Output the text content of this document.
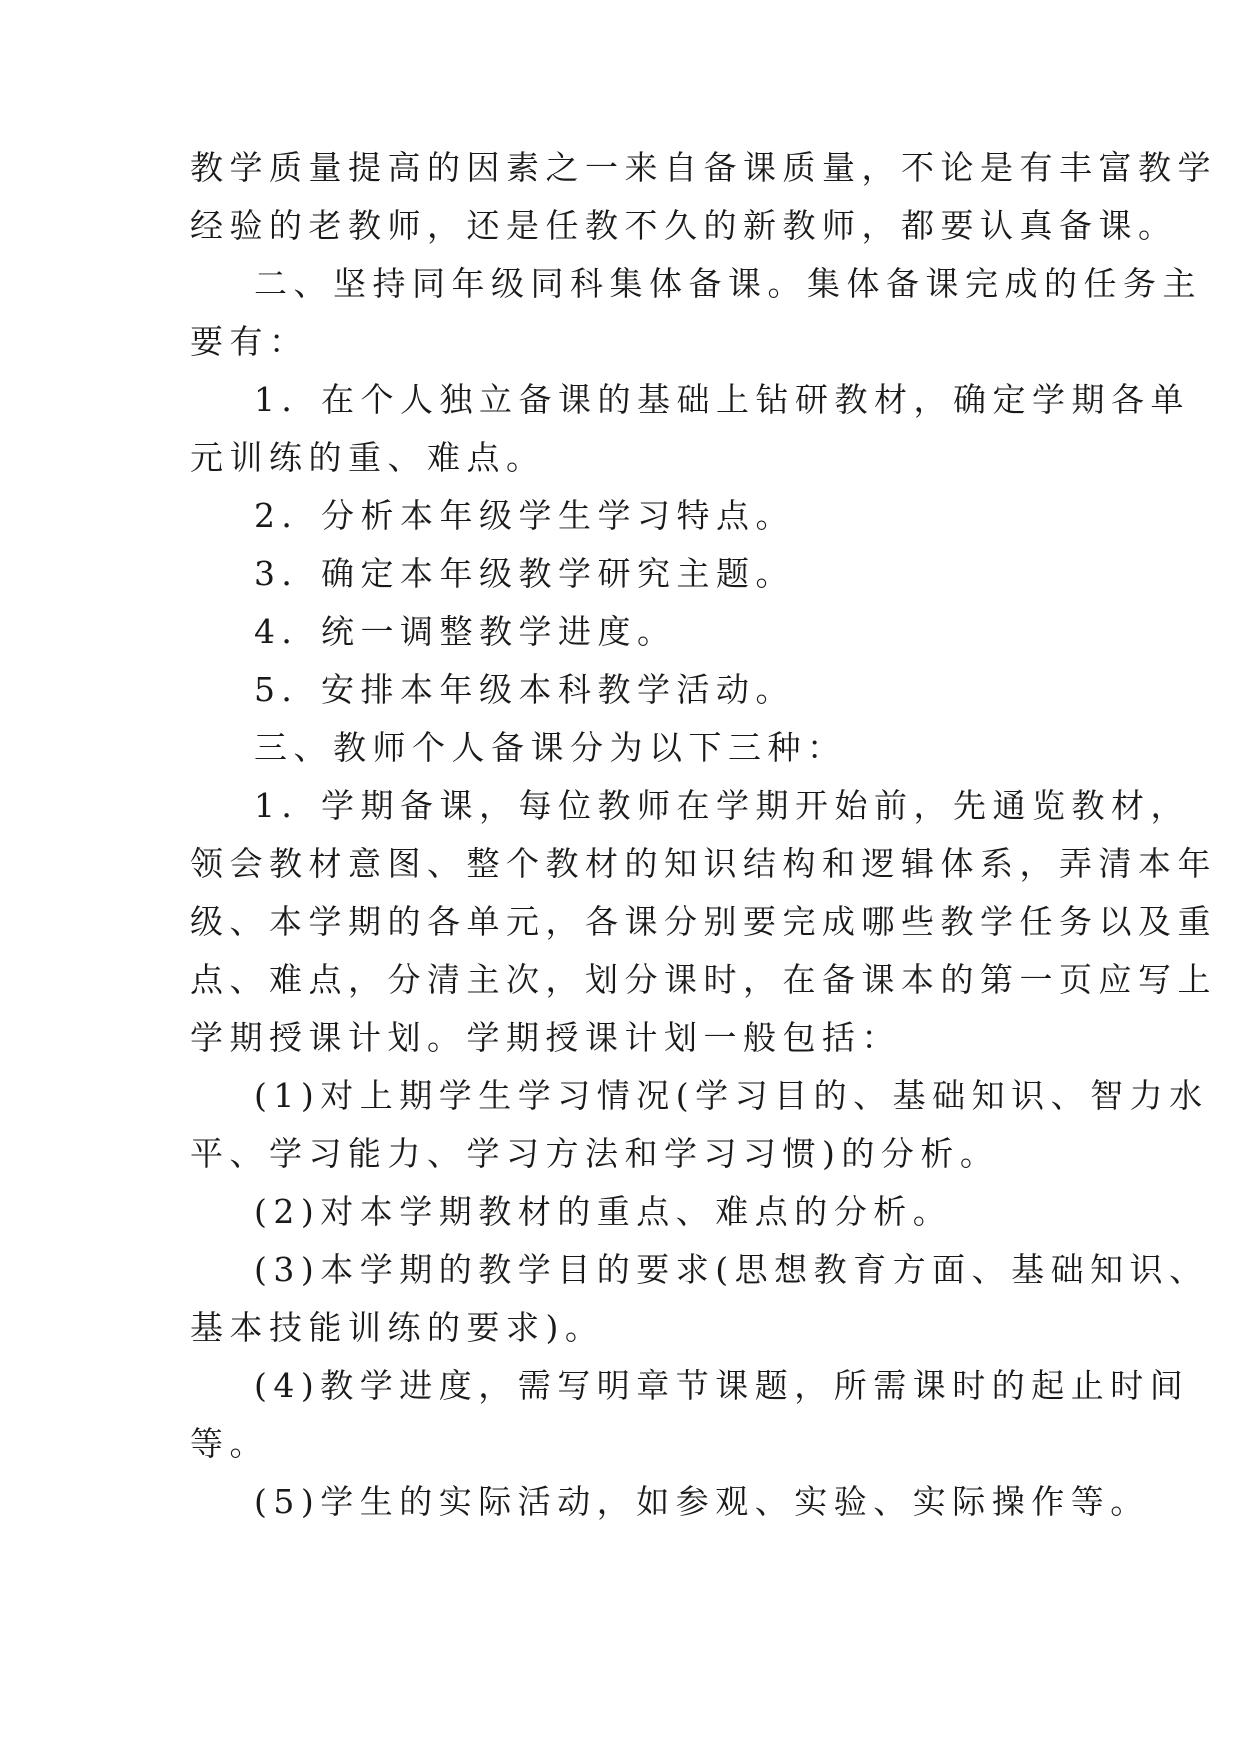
教学质量提高的因素之一来自备课质量，不论是有丰富教学
经验的老教师，还是任教不久的新教师，都要认真备课。
二、坚持同年级同科集体备课。集体备课完成的任务主
要有：
1．在个人独立备课的基础上钻研教材，确定学期各单
元训练的重、难点。
2．分析本年级学生学习特点。
3．确定本年级教学研究主题。
4．统一调整教学进度。
5．安排本年级本科教学活动。
三、教师个人备课分为以下三种：
1．学期备课，每位教师在学期开始前，先通览教材，
领会教材意图、整个教材的知识结构和逻辑体系，弄清本年
级、本学期的各单元，各课分别要完成哪些教学任务以及重
点、难点，分清主次，划分课时，在备课本的第一页应写上
学期授课计划。学期授课计划一般包括：
(1)对上期学生学习情况(学习目的、基础知识、智力水
平、学习能力、学习方法和学习习惯)的分析。
(2)对本学期教材的重点、难点的分析。
(3)本学期的教学目的要求(思想教育方面、基础知识、
基本技能训练的要求)。
(4)教学进度，需写明章节课题，所需课时的起止时间
等。
(5)学生的实际活动，如参观、实验、实际操作等。
